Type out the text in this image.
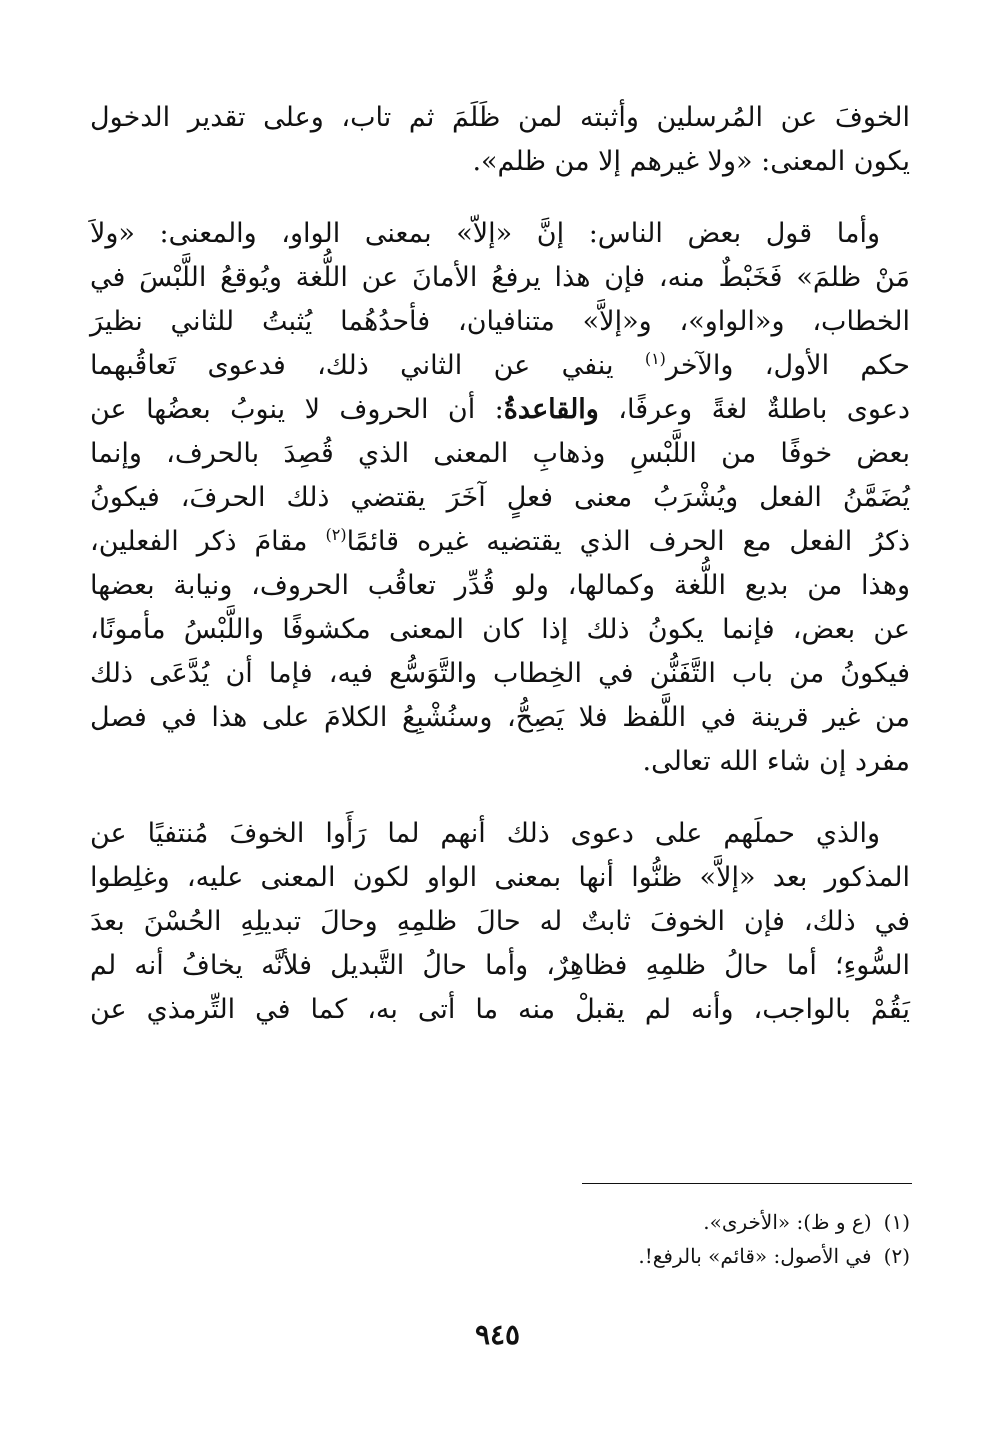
الخوفَ عن المُرسلين وأثبته لمن ظَلَمَ ثم تاب، وعلى تقدير الدخول
يكون المعنى: «ولا غيرهم إلا من ظلم».

وأما قول بعض الناس: إنَّ «إلاّ» بمعنى الواو، والمعنى: «ولاَ
مَنْ ظلمَ» فَخَبْطٌ منه، فإن هذا يرفعُ الأمانَ عن اللُّغة ويُوقعُ اللَّبْسَ في
الخطاب، و«الواو»، و«إلاَّ» متنافيان، فأحدُهُما يُثبتُ للثاني نظيرَ
حكم الأول، والآخر$^{(١)}$ ينفي عن الثاني ذلك، فدعوى تَعاقُبهما
دعوى باطلةٌ لغةً وعرفًا، والقاعدةُ: أن الحروف لا ينوبُ بعضُها عن
بعض خوفًا من اللَّبْسِ وذهابِ المعنى الذي قُصِدَ بالحرف، وإنما
يُضَمَّنُ الفعل ويُشْرَبُ معنى فعلٍ آخَرَ يقتضي ذلك الحرفَ، فيكونُ
ذكرُ الفعل مع الحرف الذي يقتضيه غيره قائمًا$^{(٢)}$ مقامَ ذكر الفعلين،
وهذا من بديع اللُّغة وكمالها، ولو قُدِّر تعاقُب الحروف، ونيابة بعضها
عن بعض، فإنما يكونُ ذلك إذا كان المعنى مكشوفًا واللَّبْسُ مأمونًا،
فيكونُ من باب التَّفَنُّن في الخِطاب والتَّوَسُّع فيه، فإما أن يُدَّعَى ذلك
من غير قرينة في اللَّفظ فلا يَصِحُّ، وسنُشْبِعُ الكلامَ على هذا في فصل
مفرد إن شاء الله تعالى.

والذي حملَهم على دعوى ذلك أنهم لما رَأَوا الخوفَ مُنتفيًا عن
المذكور بعد «إلاَّ» ظنُّوا أنها بمعنى الواو لكون المعنى عليه، وغلِطوا
في ذلك، فإن الخوفَ ثابتٌ له حالَ ظلمِهِ وحالَ تبديلِهِ الحُسْنَ بعدَ
السُّوءِ؛ أما حالُ ظلمِهِ فظاهِرٌ، وأما حالُ التَّبديل فلأنَّه يخافُ أنه لم
يَقُمْ بالواجب، وأنه لم يقبلْ منه ما أتى به، كما في التِّرمذي عن

(١)(ع و ظ): «الأخرى».
(٢)في الأصول: «قائم» بالرفع!.
٩٤٥
